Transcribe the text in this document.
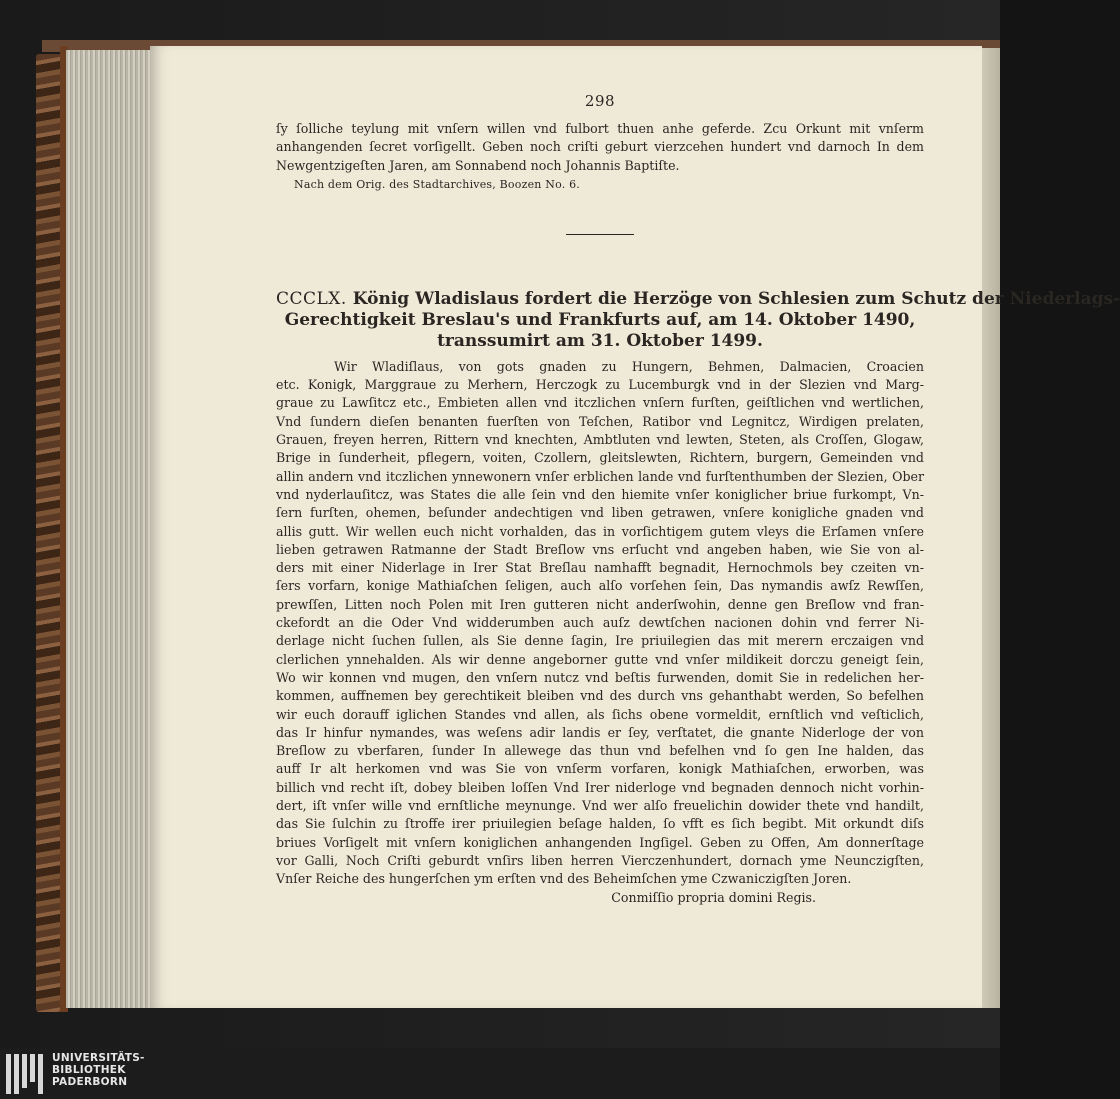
298
ſy ſolliche teylung mit vnſern willen vnd fulbort thuen anhe geferde. Zcu Orkunt mit vnſerm
anhangenden ſecret vorſigellt. Geben noch criſti geburt vierzcehen hundert vnd darnoch In dem
Newgentzigeſten Jaren, am Sonnabend noch Johannis Baptiſte.
Nach dem Orig. des Stadtarchives, Boozen No. 6.
CCCLX. König Wladislaus fordert die Herzöge von Schlesien zum Schutz der Niederlags-
Gerechtigkeit Breslau's und Frankfurts auf, am 14. Oktober 1490,
transsumirt am 31. Oktober 1499.
Wir Wladiſlaus, von gots gnaden zu Hungern, Behmen, Dalmacien, Croacien
etc. Konigk, Marggraue zu Merhern, Herczogk zu Lucemburgk vnd in der Slezien vnd Marg-
graue zu Lawſitcz etc., Embieten allen vnd itczlichen vnſern furſten, geiſtlichen vnd wertlichen,
Vnd ſundern dieſen benanten fuerſten von Teſchen, Ratibor vnd Legnitcz, Wirdigen prelaten,
Grauen, freyen herren, Rittern vnd knechten, Ambtluten vnd lewten, Steten, als Croſſen, Glogaw,
Brige in ſunderheit, pflegern, voiten, Czollern, gleitslewten, Richtern, burgern, Gemeinden vnd
allin andern vnd itczlichen ynnewonern vnſer erblichen lande vnd furſtenthumben der Slezien, Ober
vnd nyderlauſitcz, was States die alle ſein vnd den hiemite vnſer koniglicher briue furkompt, Vn-
ſern furſten, ohemen, beſunder andechtigen vnd liben getrawen, vnſere konigliche gnaden vnd
allis gutt. Wir wellen euch nicht vorhalden, das in vorſichtigem gutem vleys die Erſamen vnſere
lieben getrawen Ratmanne der Stadt Breſlow vns erſucht vnd angeben haben, wie Sie von al-
ders mit einer Niderlage in Irer Stat Breſlau namhafft begnadit, Hernochmols bey czeiten vn-
ſers vorfarn, konige Mathiaſchen ſeligen, auch alſo vorſehen ſein, Das nymandis awſz Rewſſen,
prewſſen, Litten noch Polen mit Iren gutteren nicht anderſwohin, denne gen Breſlow vnd fran-
ckefordt an die Oder Vnd widderumben auch auſz dewtſchen nacionen dohin vnd ferrer Ni-
derlage nicht ſuchen ſullen, als Sie denne ſagin, Ire priuilegien das mit merern erczaigen vnd
clerlichen ynnehalden. Als wir denne angeborner gutte vnd vnſer mildikeit dorczu geneigt ſein,
Wo wir konnen vnd mugen, den vnſern nutcz vnd beſtis furwenden, domit Sie in redelichen her-
kommen, auffnemen bey gerechtikeit bleiben vnd des durch vns gehanthabt werden, So befelhen
wir euch dorauff iglichen Standes vnd allen, als ſichs obene vormeldit, ernſtlich vnd veſticlich,
das Ir hinfur nymandes, was weſens adir landis er ſey, verſtatet, die gnante Niderloge der von
Breſlow zu vberfaren, ſunder In allewege das thun vnd befelhen vnd ſo gen Ine halden, das
auff Ir alt herkomen vnd was Sie von vnſerm vorfaren, konigk Mathiaſchen, erworben, was
billich vnd recht iſt, dobey bleiben loſſen Vnd Irer niderloge vnd begnaden dennoch nicht vorhin-
dert, iſt vnſer wille vnd ernſtliche meynunge. Vnd wer alſo freuelichin dowider thete vnd handilt,
das Sie ſulchin zu ſtroffe irer priuilegien beſage halden, ſo vfft es ſich begibt. Mit orkundt diſs
briues Vorſigelt mit vnſern koniglichen anhangenden Ingſigel. Geben zu Offen, Am donnerſtage
vor Galli, Noch Criſti geburdt vnſirs liben herren Vierczenhundert, dornach yme Neunczigſten,
Vnſer Reiche des hungerſchen ym erſten vnd des Beheimſchen yme Czwaniczigſten Joren.
Conmiſſio propria domini Regis.
UNIVERSITÄTS-
BIBLIOTHEK
PADERBORN
